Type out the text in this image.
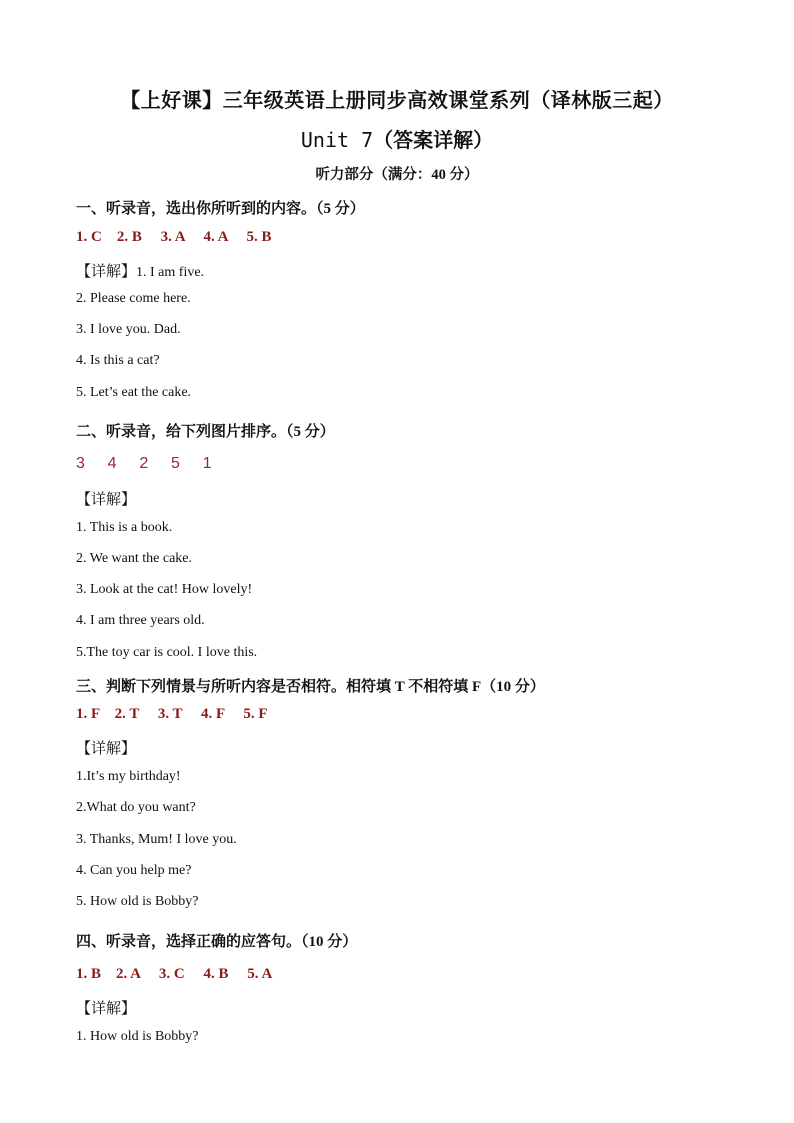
【上好课】三年级英语上册同步高效课堂系列（译林版三起）
Unit 7（答案详解）
听力部分（满分：40 分）
一、听录音，选出你所听到的内容。（5 分）
1. C    2. B     3. A     4. A     5. B
【详解】1. I am five.
2. Please come here.
3. I love you. Dad.
4. Is this a cat?
5. Let’s eat the cake.
二、听录音，给下列图片排序。（5 分）
3    4    2    5    1
【详解】
1. This is a book.
2. We want the cake.
3. Look at the cat! How lovely!
4. I am three years old.
5.The toy car is cool. I love this.
三、判断下列情景与所听内容是否相符。相符填 T 不相符填 F（10 分）
1. F    2. T     3. T     4. F     5. F
【详解】
1.It’s my birthday!
2.What do you want?
3. Thanks, Mum! I love you.
4. Can you help me?
5. How old is Bobby?
四、听录音，选择正确的应答句。（10 分）
1. B    2. A     3. C     4. B     5. A
【详解】
1. How old is Bobby?
